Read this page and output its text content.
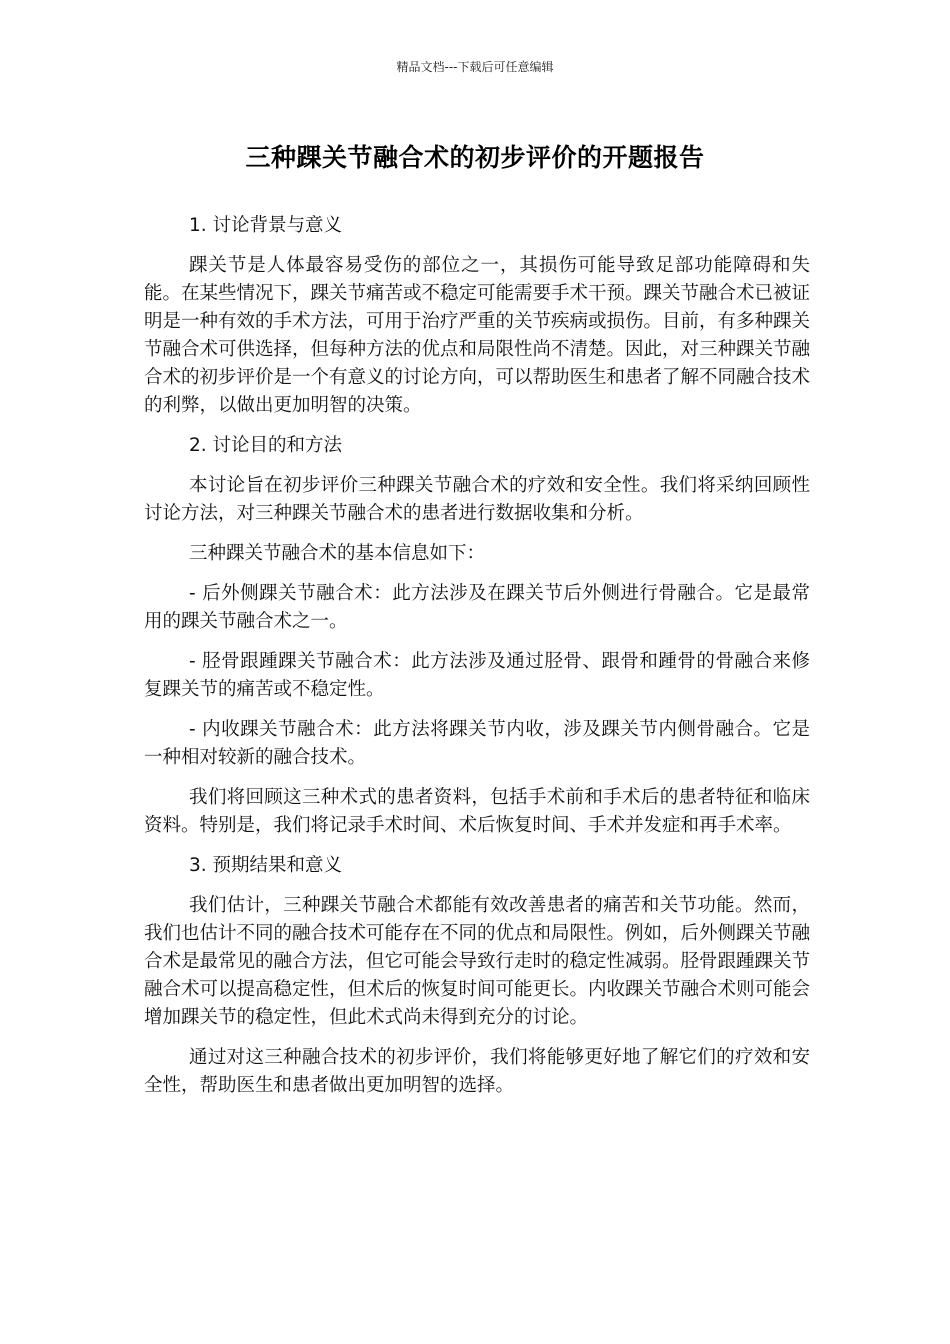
精品文档---下载后可任意编辑
三种踝关节融合术的初步评价的开题报告
1. 讨论背景与意义

踝关节是人体最容易受伤的部位之一，其损伤可能导致足部功能障碍和失能。在某些情况下，踝关节痛苦或不稳定可能需要手术干预。踝关节融合术已被证明是一种有效的手术方法，可用于治疗严重的关节疾病或损伤。目前，有多种踝关节融合术可供选择，但每种方法的优点和局限性尚不清楚。因此，对三种踝关节融合术的初步评价是一个有意义的讨论方向，可以帮助医生和患者了解不同融合技术的利弊，以做出更加明智的决策。

2. 讨论目的和方法

本讨论旨在初步评价三种踝关节融合术的疗效和安全性。我们将采纳回顾性讨论方法，对三种踝关节融合术的患者进行数据收集和分析。

三种踝关节融合术的基本信息如下：

- 后外侧踝关节融合术：此方法涉及在踝关节后外侧进行骨融合。它是最常用的踝关节融合术之一。

- 胫骨跟踵踝关节融合术：此方法涉及通过胫骨、跟骨和踵骨的骨融合来修复踝关节的痛苦或不稳定性。

- 内收踝关节融合术：此方法将踝关节内收，涉及踝关节内侧骨融合。它是一种相对较新的融合技术。

我们将回顾这三种术式的患者资料，包括手术前和手术后的患者特征和临床资料。特别是，我们将记录手术时间、术后恢复时间、手术并发症和再手术率。

3. 预期结果和意义

我们估计，三种踝关节融合术都能有效改善患者的痛苦和关节功能。然而，我们也估计不同的融合技术可能存在不同的优点和局限性。例如，后外侧踝关节融合术是最常见的融合方法，但它可能会导致行走时的稳定性减弱。胫骨跟踵踝关节融合术可以提高稳定性，但术后的恢复时间可能更长。内收踝关节融合术则可能会增加踝关节的稳定性，但此术式尚未得到充分的讨论。

通过对这三种融合技术的初步评价，我们将能够更好地了解它们的疗效和安全性，帮助医生和患者做出更加明智的选择。
